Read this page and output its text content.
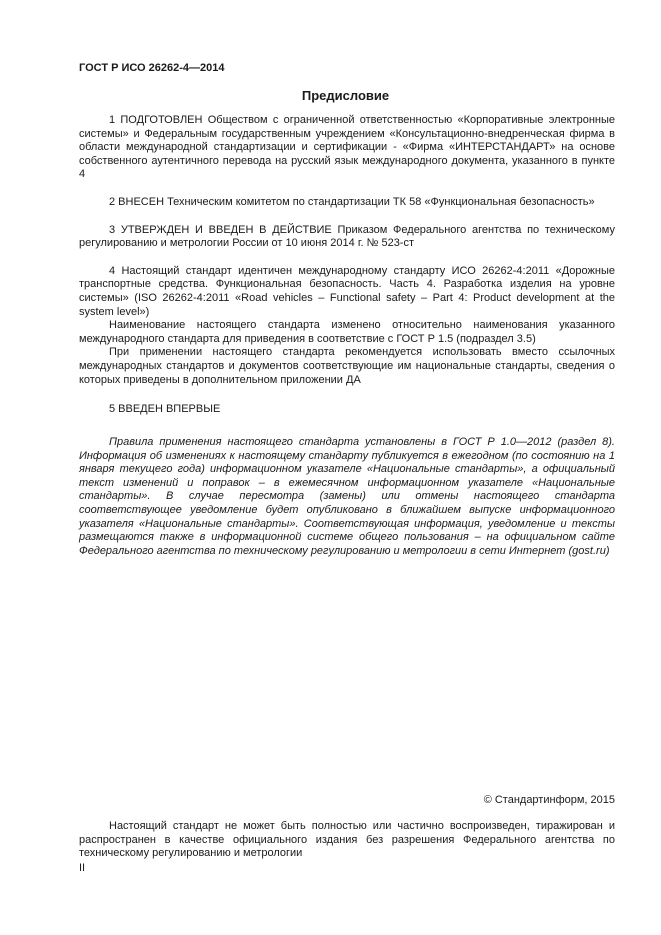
ГОСТ Р ИСО 26262-4—2014
Предисловие

1 ПОДГОТОВЛЕН Обществом с ограниченной ответственностью «Корпоративные электронные системы» и Федеральным государственным учреждением «Консультационно-внедренческая фирма в области международной стандартизации и сертификации - «Фирма «ИНТЕРСТАНДАРТ» на основе собственного аутентичного перевода на русский язык международного документа, указанного в пункте 4

2 ВНЕСЕН Техническим комитетом по стандартизации ТК 58 «Функциональная безопасность»

3 УТВЕРЖДЕН И ВВЕДЕН В ДЕЙСТВИЕ Приказом Федерального агентства по техническому регулированию и метрологии России от 10 июня 2014 г. № 523-ст

4 Настоящий стандарт идентичен международному стандарту ИСО 26262-4:2011 «Дорожные транспортные средства. Функциональная безопасность. Часть 4. Разработка изделия на уровне системы» (ISO 26262-4:2011 «Road vehicles – Functional safety – Part 4: Product development at the system level»)

Наименование настоящего стандарта изменено относительно наименования указанного международного стандарта для приведения в соответствие с ГОСТ Р 1.5 (подраздел 3.5)

При применении настоящего стандарта рекомендуется использовать вместо ссылочных международных стандартов и документов соответствующие им национальные стандарты, сведения о которых приведены в дополнительном приложении ДА

5 ВВЕДЕН ВПЕРВЫЕ

Правила применения настоящего стандарта установлены в ГОСТ Р 1.0—2012 (раздел 8). Информация об изменениях к настоящему стандарту публикуется в ежегодном (по состоянию на 1 января текущего года) информационном указателе «Национальные стандарты», а официальный текст изменений и поправок – в ежемесячном информационном указателе «Национальные стандарты». В случае пересмотра (замены) или отмены настоящего стандарта соответствующее уведомление будет опубликовано в ближайшем выпуске информационного указателя «Национальные стандарты». Соответствующая информация, уведомление и тексты размещаются также в информационной системе общего пользования – на официальном сайте Федерального агентства по техническому регулированию и метрологии в сети Интернет (gost.ru)

© Стандартинформ, 2015

Настоящий стандарт не может быть полностью или частично воспроизведен, тиражирован и распространен в качестве официального издания без разрешения Федерального агентства по техническому регулированию и метрологии

II
